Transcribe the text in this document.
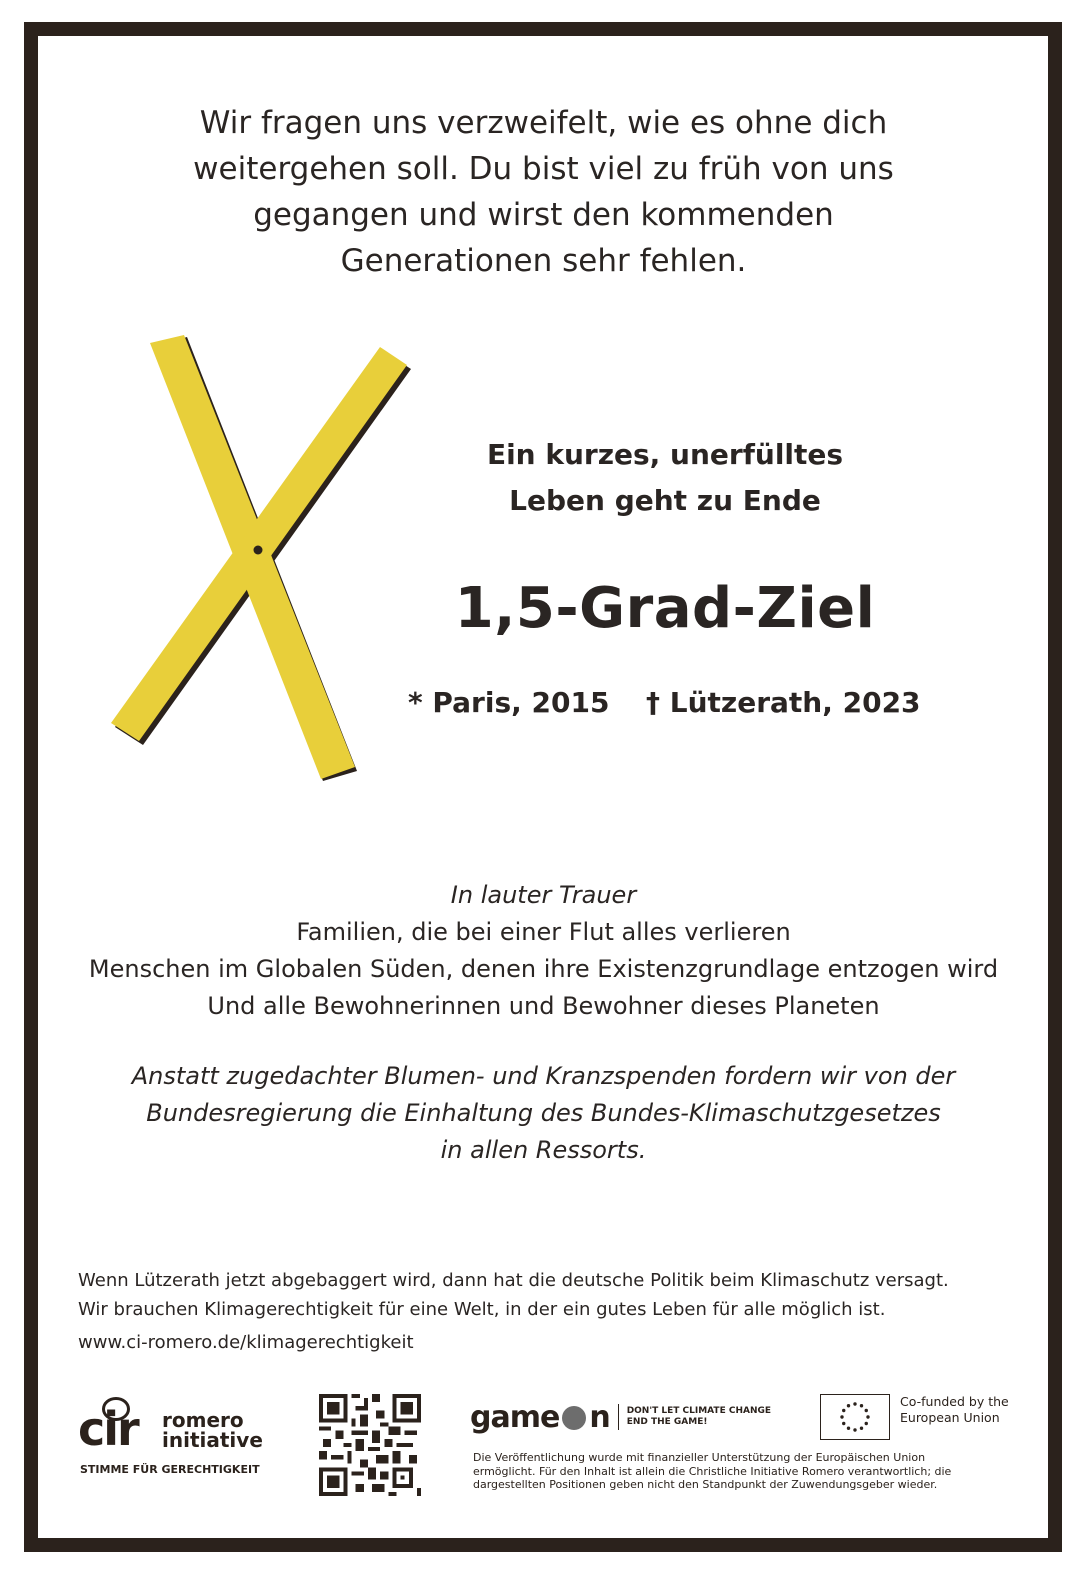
Wir fragen uns verzweifelt, wie es ohne dich
weitergehen soll. Du bist viel zu früh von uns
gegangen und wirst den kommenden
Generationen sehr fehlen.
Ein kurzes, unerfülltes
Leben geht zu Ende
1,5-Grad-Ziel
* Paris, 2015 † Lützerath, 2023
In lauter Trauer
Familien, die bei einer Flut alles verlieren
Menschen im Globalen Süden, denen ihre Existenzgrundlage entzogen wird
Und alle Bewohnerinnen und Bewohner dieses Planeten
Anstatt zugedachter Blumen- und Kranzspenden fordern wir von der
Bundesregierung die Einhaltung des Bundes-Klimaschutzgesetzes
in allen Ressorts.
Wenn Lützerath jetzt abgebaggert wird, dann hat die deutsche Politik beim Klimaschutz versagt.
Wir brauchen Klimagerechtigkeit für eine Welt, in der ein gutes Leben für alle möglich ist.
www.ci-romero.de/klimagerechtigkeit
cir romero
initiative
STIMME FÜR GERECHTIGKEIT
game n DON'T LET CLIMATE CHANGE
END THE GAME!
Co-funded by the
European Union
Die Veröffentlichung wurde mit finanzieller Unterstützung der Europäischen Union
ermöglicht. Für den Inhalt ist allein die Christliche Initiative Romero verantwortlich; die
dargestellten Positionen geben nicht den Standpunkt der Zuwendungsgeber wieder.
